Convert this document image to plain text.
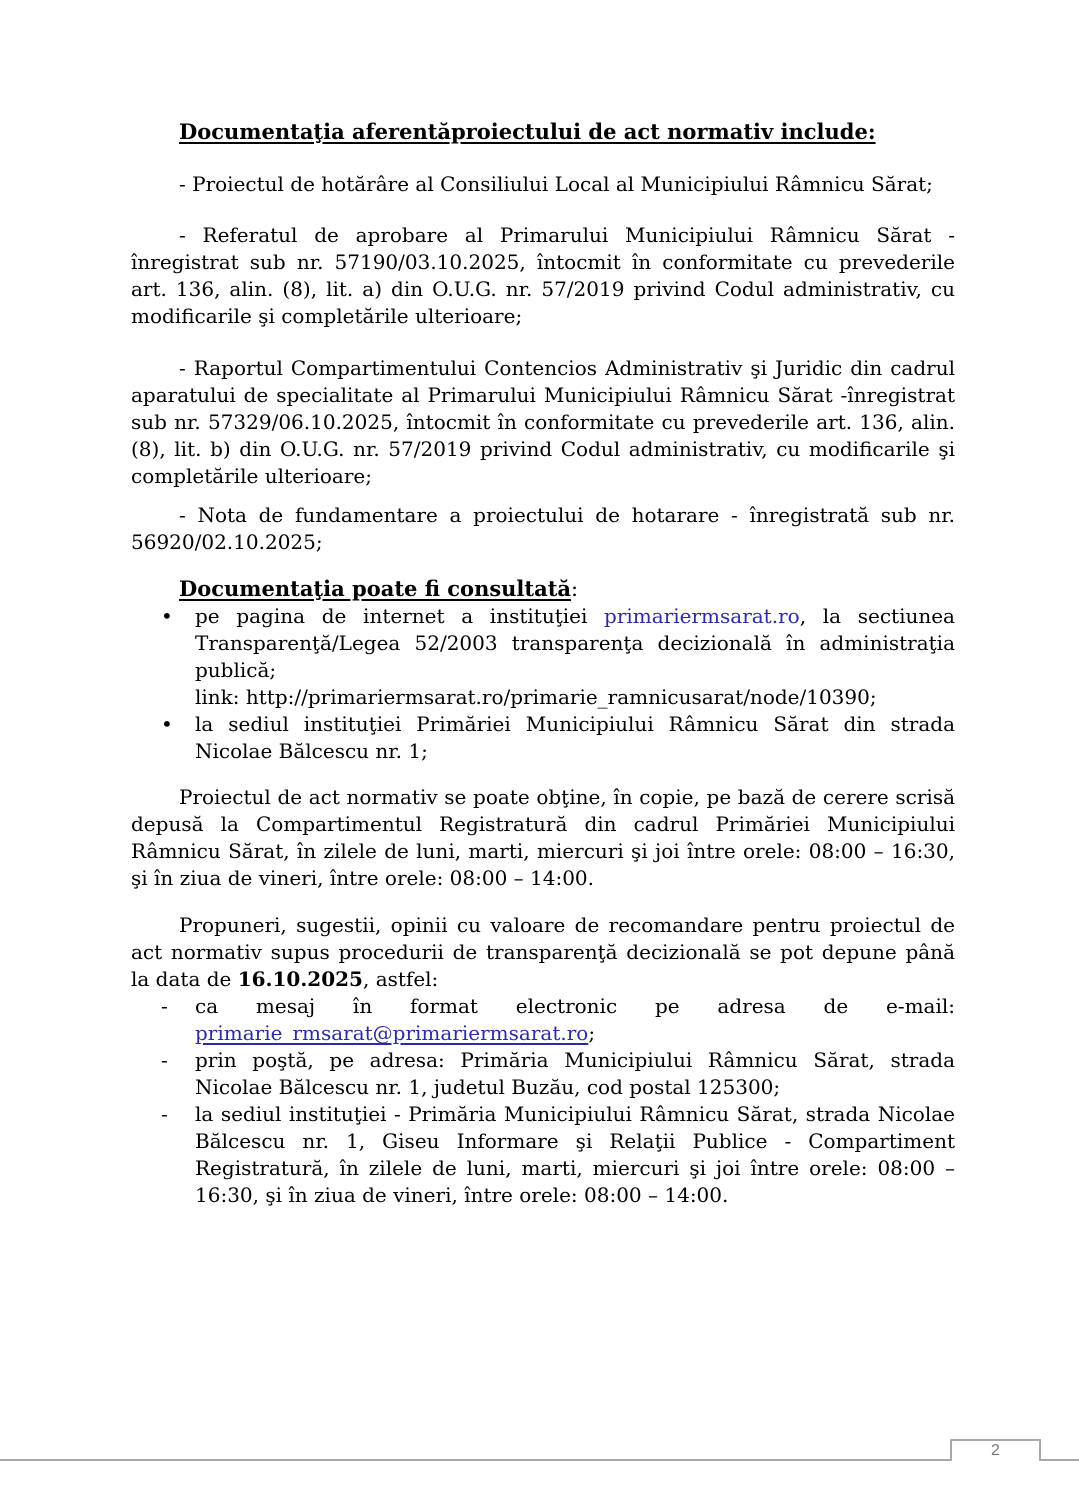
Documentaţia aferentăproiectului de act normativ include:

- Proiectul de hotărâre al Consiliului Local al Municipiului Râmnicu Sărat;

- Referatul de aprobare al Primarului Municipiului Râmnicu Sărat - înregistrat sub nr. 57190/03.10.2025, întocmit în conformitate cu prevederile art. 136, alin. (8), lit. a) din O.U.G. nr. 57/2019 privind Codul administrativ, cu modificarile şi completările ulterioare;

- Raportul Compartimentului Contencios Administrativ şi Juridic din cadrul aparatului de specialitate al Primarului Municipiului Râmnicu Sărat -înregistrat sub nr. 57329/06.10.2025, întocmit în conformitate cu prevederile art. 136, alin. (8), lit. b) din O.U.G. nr. 57/2019 privind Codul administrativ, cu modificarile şi completările ulterioare;

- Nota de fundamentare a proiectului de hotarare - înregistrată sub nr. 56920/02.10.2025;

Documentaţia poate fi consultată:
• pe pagina de internet a instituţiei primariermsarat.ro, la sectiunea Transparenţă/Legea 52/2003 transparenţa decizională în administraţia publică;

link: http://primariermsarat.ro/primarie_ramnicusarat/node/10390;

• la sediul instituţiei Primăriei Municipiului Râmnicu Sărat din strada Nicolae Bălcescu nr. 1;

Proiectul de act normativ se poate obţine, în copie, pe bază de cerere scrisă depusă la Compartimentul Registratură din cadrul Primăriei Municipiului Râmnicu Sărat, în zilele de luni, marti, miercuri şi joi între orele: 08:00 – 16:30, şi în ziua de vineri, între orele: 08:00 – 14:00.

Propuneri, sugestii, opinii cu valoare de recomandare pentru proiectul de act normativ supus procedurii de transparenţă decizională se pot depune până la data de 16.10.2025, astfel:

- ca mesaj în format electronic pe adresa de e-mail: primarie_rmsarat@primariermsarat.ro;
- prin poştă, pe adresa: Primăria Municipiului Râmnicu Sărat, strada Nicolae Bălcescu nr. 1, judetul Buzău, cod postal 125300;
- la sediul instituţiei - Primăria Municipiului Râmnicu Sărat, strada Nicolae Bălcescu nr. 1, Giseu Informare şi Relaţii Publice - Compartiment Registratură, în zilele de luni, marti, miercuri şi joi între orele: 08:00 – 16:30, şi în ziua de vineri, între orele: 08:00 – 14:00.
2
